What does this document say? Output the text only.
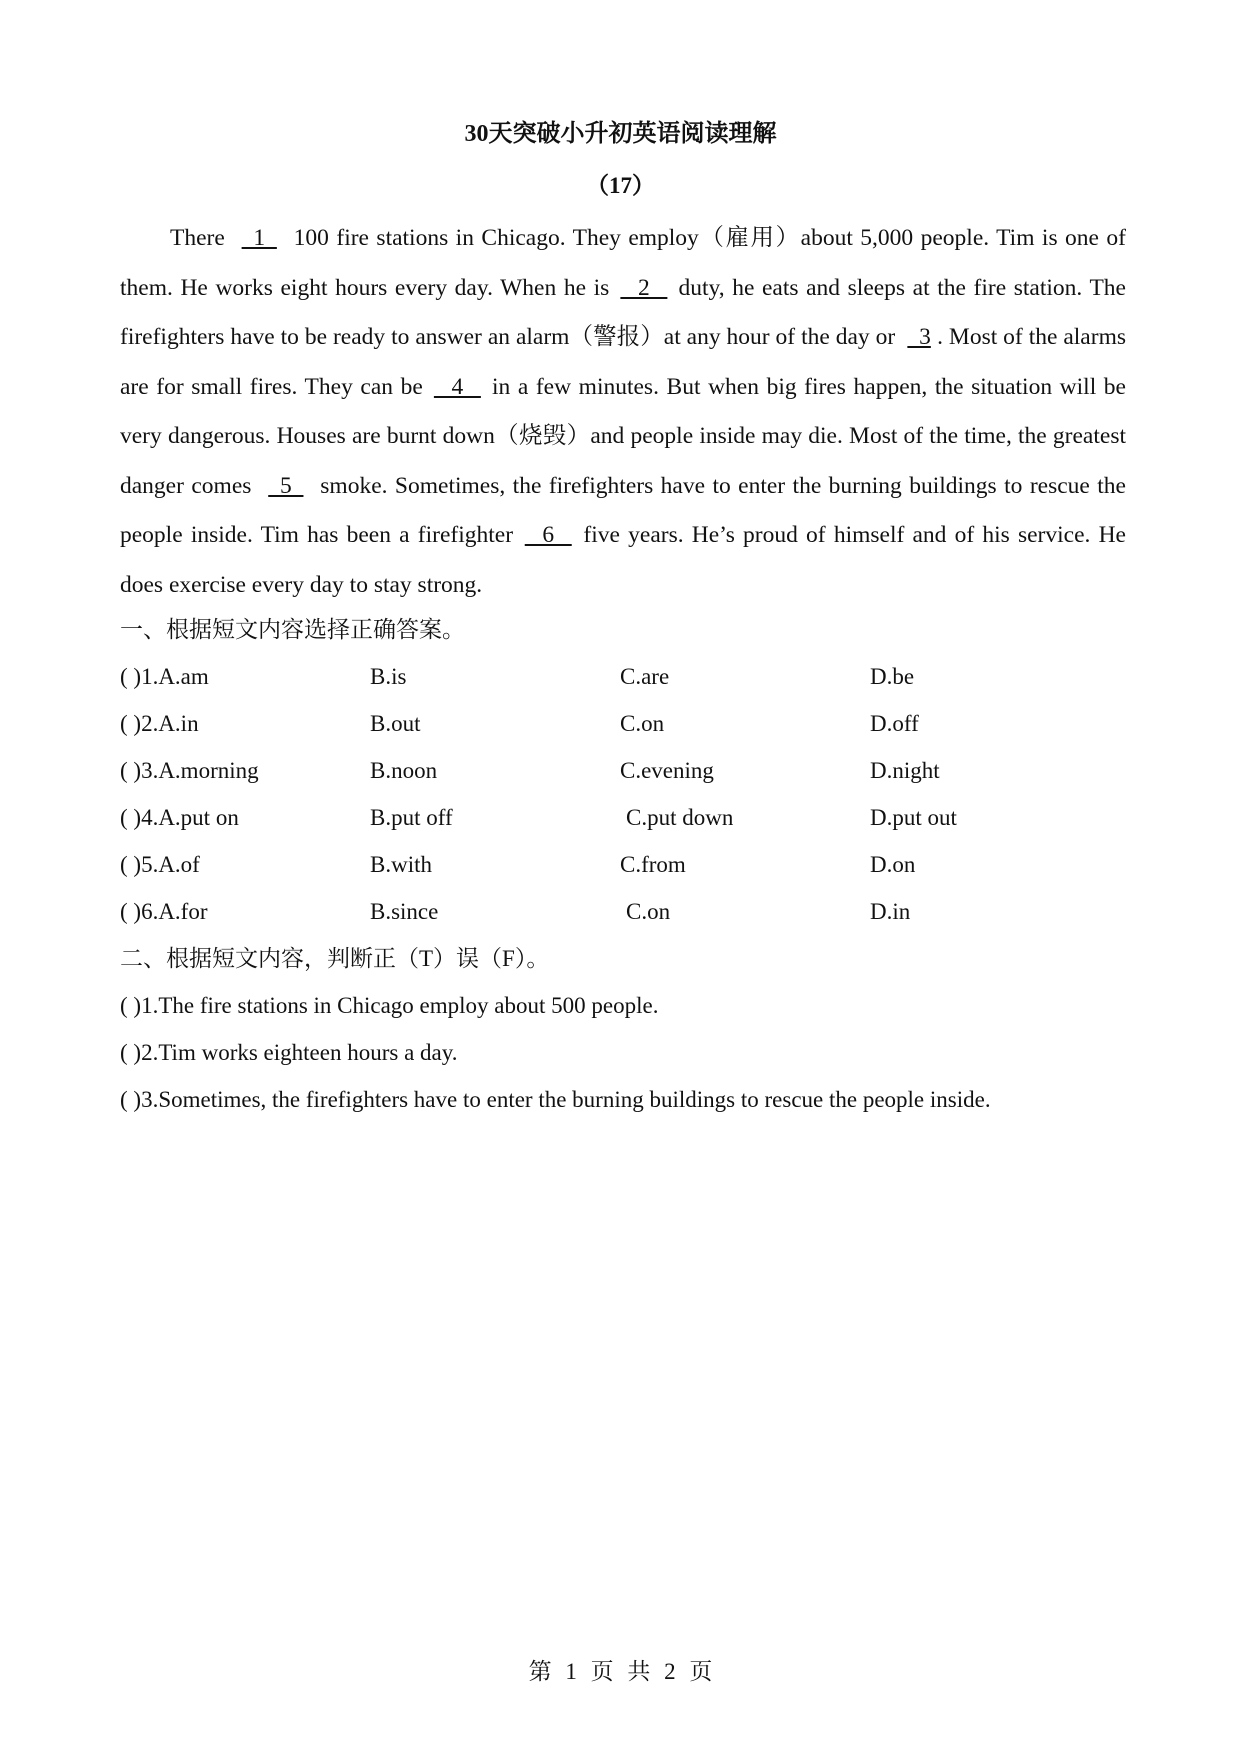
30天突破小升初英语阅读理解
（17）

There   1   100 fire stations in Chicago. They employ（雇用）about 5,000 people. Tim is one of them. He works eight hours every day. When he is    2    duty, he eats and sleeps at the fire station. The firefighters have to be ready to answer an alarm（警报）at any hour of the day or   3 . Most of the alarms are for small fires. They can be    4    in a few minutes. But when big fires happen, the situation will be very dangerous. Houses are burnt down（烧毁）and people inside may die. Most of the time, the greatest danger comes   5   smoke. Sometimes, the firefighters have to enter the burning buildings to rescue the people inside. Tim has been a firefighter    6    five years. He’s proud of himself and of his service. He does exercise every day to stay strong.

一、根据短文内容选择正确答案。
( )1.A.am	B.is	C.are	D.be
( )2.A.in	B.out	C.on	D.off
( )3.A.morning	B.noon	C.evening	D.night
( )4.A.put on	B.put off	C.put down	D.put out
( )5.A.of	B.with	C.from	D.on
( )6.A.for	B.since	C.on	D.in
二、根据短文内容，判断正（T）误（F）。
( )1.The fire stations in Chicago employ about 500 people.
( )2.Tim works eighteen hours a day.
( )3.Sometimes, the firefighters have to enter the burning buildings to rescue the people inside.
第 1 页 共 2 页
